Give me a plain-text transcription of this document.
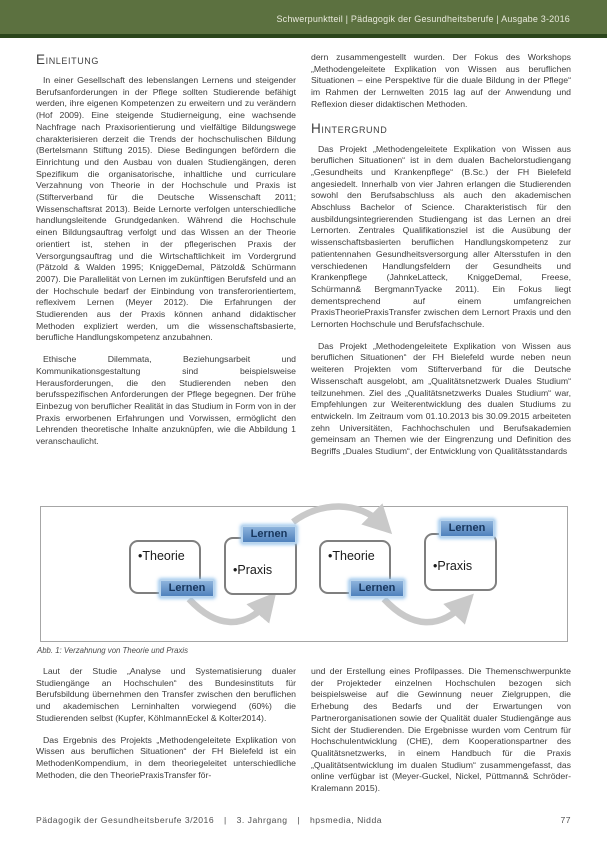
Schwerpunktteil | Pädagogik der Gesundheitsberufe | Ausgabe 3-2016
Einleitung

In einer Gesellschaft des lebenslangen Lernens und steigender Berufsanforderungen in der Pflege sollten Studierende befähigt werden, ihre eigenen Kompetenzen zu erweitern und zu verändern (Hof 2009). Eine steigende Studierneigung, eine wachsende Nachfrage nach Praxisorientierung und vielfältige Bildungswege charakterisieren derzeit die Trends der hochschulischen Bildung (Bertelsmann Stiftung 2015). Diese Bedingungen befördern die Einrichtung und den Ausbau von dualen Studiengängen, deren Spezifikum die organisatorische, inhaltliche und curriculare Verzahnung von Theorie in der Hochschule und Praxis ist (Stifterverband für die Deutsche Wissenschaft 2011; Wissenschaftsrat 2013). Beide Lernorte verfolgen unterschiedliche handlungsleitende Grundgedanken. Während die Hochschule einen Bildungsauftrag verfolgt und das Wissen an der Theorie orientiert ist, stehen in der pflegerischen Praxis der Versorgungsauftrag und die Wirtschaftlichkeit im Vordergrund (Pätzold & Walden 1995; KniggeDemal, Pätzold& Schürmann 2007). Die Parallelität von Lernen im zukünftigen Berufsfeld und an der Hochschule bedarf der Einbindung von transferorientiertem, reflexivem Lernen (Meyer 2012). Die Erfahrungen der Studierenden aus der Praxis können anhand didaktischer Methoden expliziert werden, um die wissenschaftsbasierte, berufliche Handlungskompetenz anzubahnen.

Ethische Dilemmata, Beziehungsarbeit und Kommunikationsgestaltung sind beispielsweise Herausforderungen, die den Studierenden neben den berufsspezifischen Anforderungen der Pflege begegnen. Der frühe Einbezug von beruflicher Realität in das Studium in Form von in der Praxis erworbenen Erfahrungen und Vorwissen, ermöglicht den Lehrenden theoretische Inhalte anzuknüpfen, wie die Abbildung 1 veranschaulicht.

dern zusammengestellt wurden. Der Fokus des Workshops „Methodengeleitete Explikation von Wissen aus beruflichen Situationen – eine Perspektive für die duale Bildung in der Pflege“ im Rahmen der Lernwelten 2015 lag auf der Anwendung und Reflexion dieser didaktischen Methoden.

Hintergrund

Das Projekt „Methodengeleitete Explikation von Wissen aus beruflichen Situationen“ ist in dem dualen Bachelorstudiengang „Gesundheits und Krankenpflege“ (B.Sc.) der FH Bielefeld angesiedelt. Innerhalb von vier Jahren erlangen die Studierenden sowohl den Berufsabschluss als auch den akademischen Abschluss Bachelor of Science. Charakteristisch für den ausbildungsintegrierenden Studiengang ist das Lernen an drei Lernorten. Zentrales Qualifikationsziel ist die Ausübung der wissenschaftsbasierten beruflichen Handlungskompetenz zur patientennahen Gesundheitsversorgung aller Altersstufen in den verschiedenen Handlungsfeldern der Gesundheits und Krankenpflege (JahnkeLatteck, KniggeDemal, Freese, Schürmann& BergmannTyacke 2011). Ein Fokus liegt dementsprechend auf einem umfangreichen PraxisTheoriePraxisTransfer zwischen dem Lernort Praxis und den Lernorten Hochschule und Berufsfachschule.

Das Projekt „Methodengeleitete Explikation von Wissen aus beruflichen Situationen“ der FH Bielefeld wurde neben neun weiteren Projekten vom Stifterverband für die Deutsche Wissenschaft ausgelobt, am „Qualitätsnetzwerk Duales Studium“ teilzunehmen. Ziel des „Qualitätsnetzwerks Duales Studium“ war, Empfehlungen zur Weiterentwicklung des dualen Studiums zu entwickeln. Im Zeitraum vom 01.10.2013 bis 30.09.2015 arbeiteten zehn Universitäten, Fachhochschulen und Berufsakademien gemeinsam an Themen wie der Eingrenzung und Definition des Begriffs „Duales Studium“, der Entwicklung von Qualitätsstandards

•Theorie
Lernen
•Praxis
Lernen
•Theorie
Lernen
•Praxis
Lernen
Abb. 1: Verzahnung von Theorie und Praxis

Laut der Studie „Analyse und Systematisierung dualer Studiengänge an Hochschulen“ des Bundesinstituts für Berufsbildung übernehmen den Transfer zwischen den beruflichen und akademischen Lerninhalten vorwiegend (60%) die Studierenden selbst (Kupfer, KöhlmannEckel & Kolter2014).

Das Ergebnis des Projekts „Methodengeleitete Explikation von Wissen aus beruflichen Situationen“ der FH Bielefeld ist ein MethodenKompendium, in dem theoriegeleitet unterschiedliche Methoden, die den TheoriePraxisTransfer för-

und der Erstellung eines Profilpasses. Die Themenschwerpunkte der Projekteder einzelnen Hochschulen bezogen sich beispielsweise auf die Gewinnung neuer Zielgruppen, die Erhebung des Bedarfs und der Erwartungen von Partnerorganisationen sowie der Qualität dualer Studiengänge aus Sicht der Studierenden. Die Ergebnisse wurden vom Centrum für Hochschulentwicklung (CHE), dem Kooperationspartner des Qualitätsnetzwerks, in einem Handbuch für die Praxis „Qualitätsentwicklung im dualen Studium“ zusammengefasst, das online verfügbar ist (Meyer-Guckel, Nickel, Püttmann& Schröder-Kralemann 2015).

Pädagogik der Gesundheitsberufe 3/2016 | 3. Jahrgang | hpsmedia, Nidda	77
